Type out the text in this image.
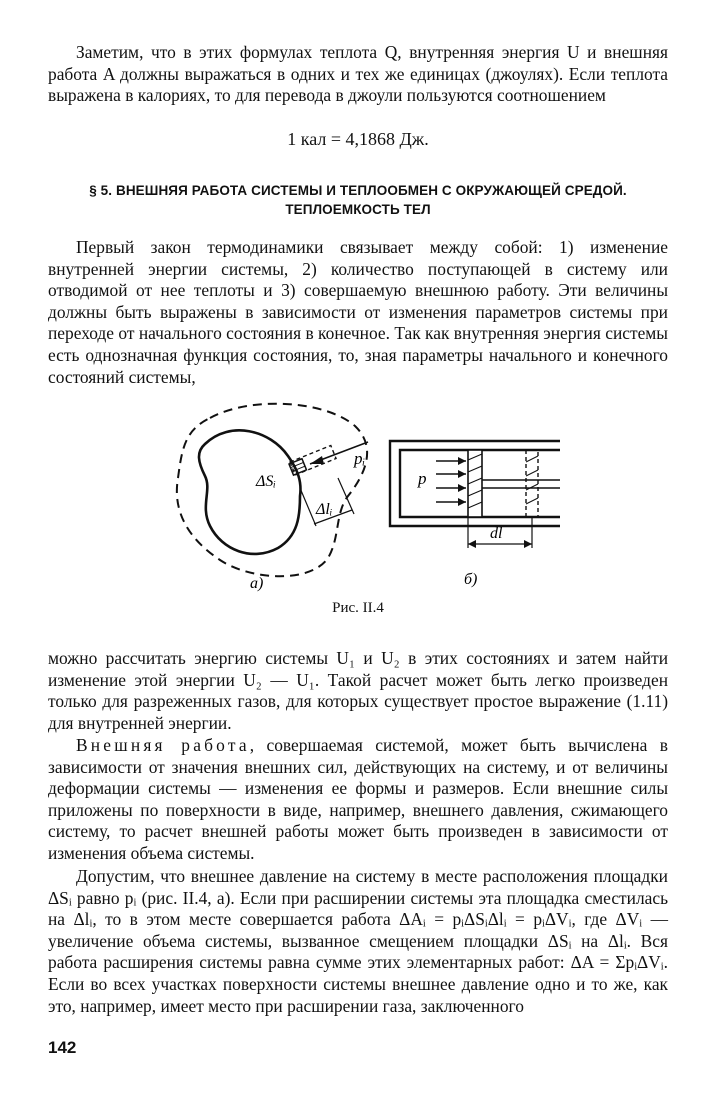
Заметим, что в этих формулах теплота Q, внутренняя энергия U и внешняя работа A должны выражаться в одних и тех же единицах (джоулях). Если теплота выражена в калориях, то для перевода в джоули пользуются соотношением

1 кал = 4,1868 Дж.
§ 5. ВНЕШНЯЯ РАБОТА СИСТЕМЫ И ТЕПЛООБМЕН С ОКРУЖАЮЩЕЙ СРЕДОЙ.
ТЕПЛОЕМКОСТЬ ТЕЛ

Первый закон термодинамики связывает между собой: 1) изменение внутренней энергии системы, 2) количество поступающей в систему или отводимой от нее теплоты и 3) совершаемую внешнюю работу. Эти величины должны быть выражены в зависимости от изменения параметров системы при переходе от начального состояния в конечное. Так как внутренняя энергия системы есть однозначная функция состояния, то, зная параметры начального и конечного состояний системы,

pᵢ
ΔSᵢ
Δlᵢ
а)
p
dl
б)
Рис. II.4

можно рассчитать энергию системы U₁ и U₂ в этих состояниях и затем найти изменение этой энергии U₂ — U₁. Такой расчет может быть легко произведен только для разреженных газов, для которых существует простое выражение (1.11) для внутренней энергии.

Внешняя работа, совершаемая системой, может быть вычислена в зависимости от значения внешних сил, действующих на систему, и от величины деформации системы — изменения ее формы и размеров. Если внешние силы приложены по поверхности в виде, например, внешнего давления, сжимающего систему, то расчет внешней работы может быть произведен в зависимости от изменения объема системы.

Допустим, что внешнее давление на систему в месте расположения площадки ΔSᵢ равно pᵢ (рис. II.4, а). Если при расширении системы эта площадка сместилась на Δlᵢ, то в этом месте совершается работа ΔAᵢ = pᵢΔSᵢΔlᵢ = pᵢΔVᵢ, где ΔVᵢ — увеличение объема системы, вызванное смещением площадки ΔSᵢ на Δlᵢ. Вся работа расширения системы равна сумме этих элементарных работ: ΔA = ΣpᵢΔVᵢ. Если во всех участках поверхности системы внешнее давление одно и то же, как это, например, имеет место при расширении газа, заключенного

142
